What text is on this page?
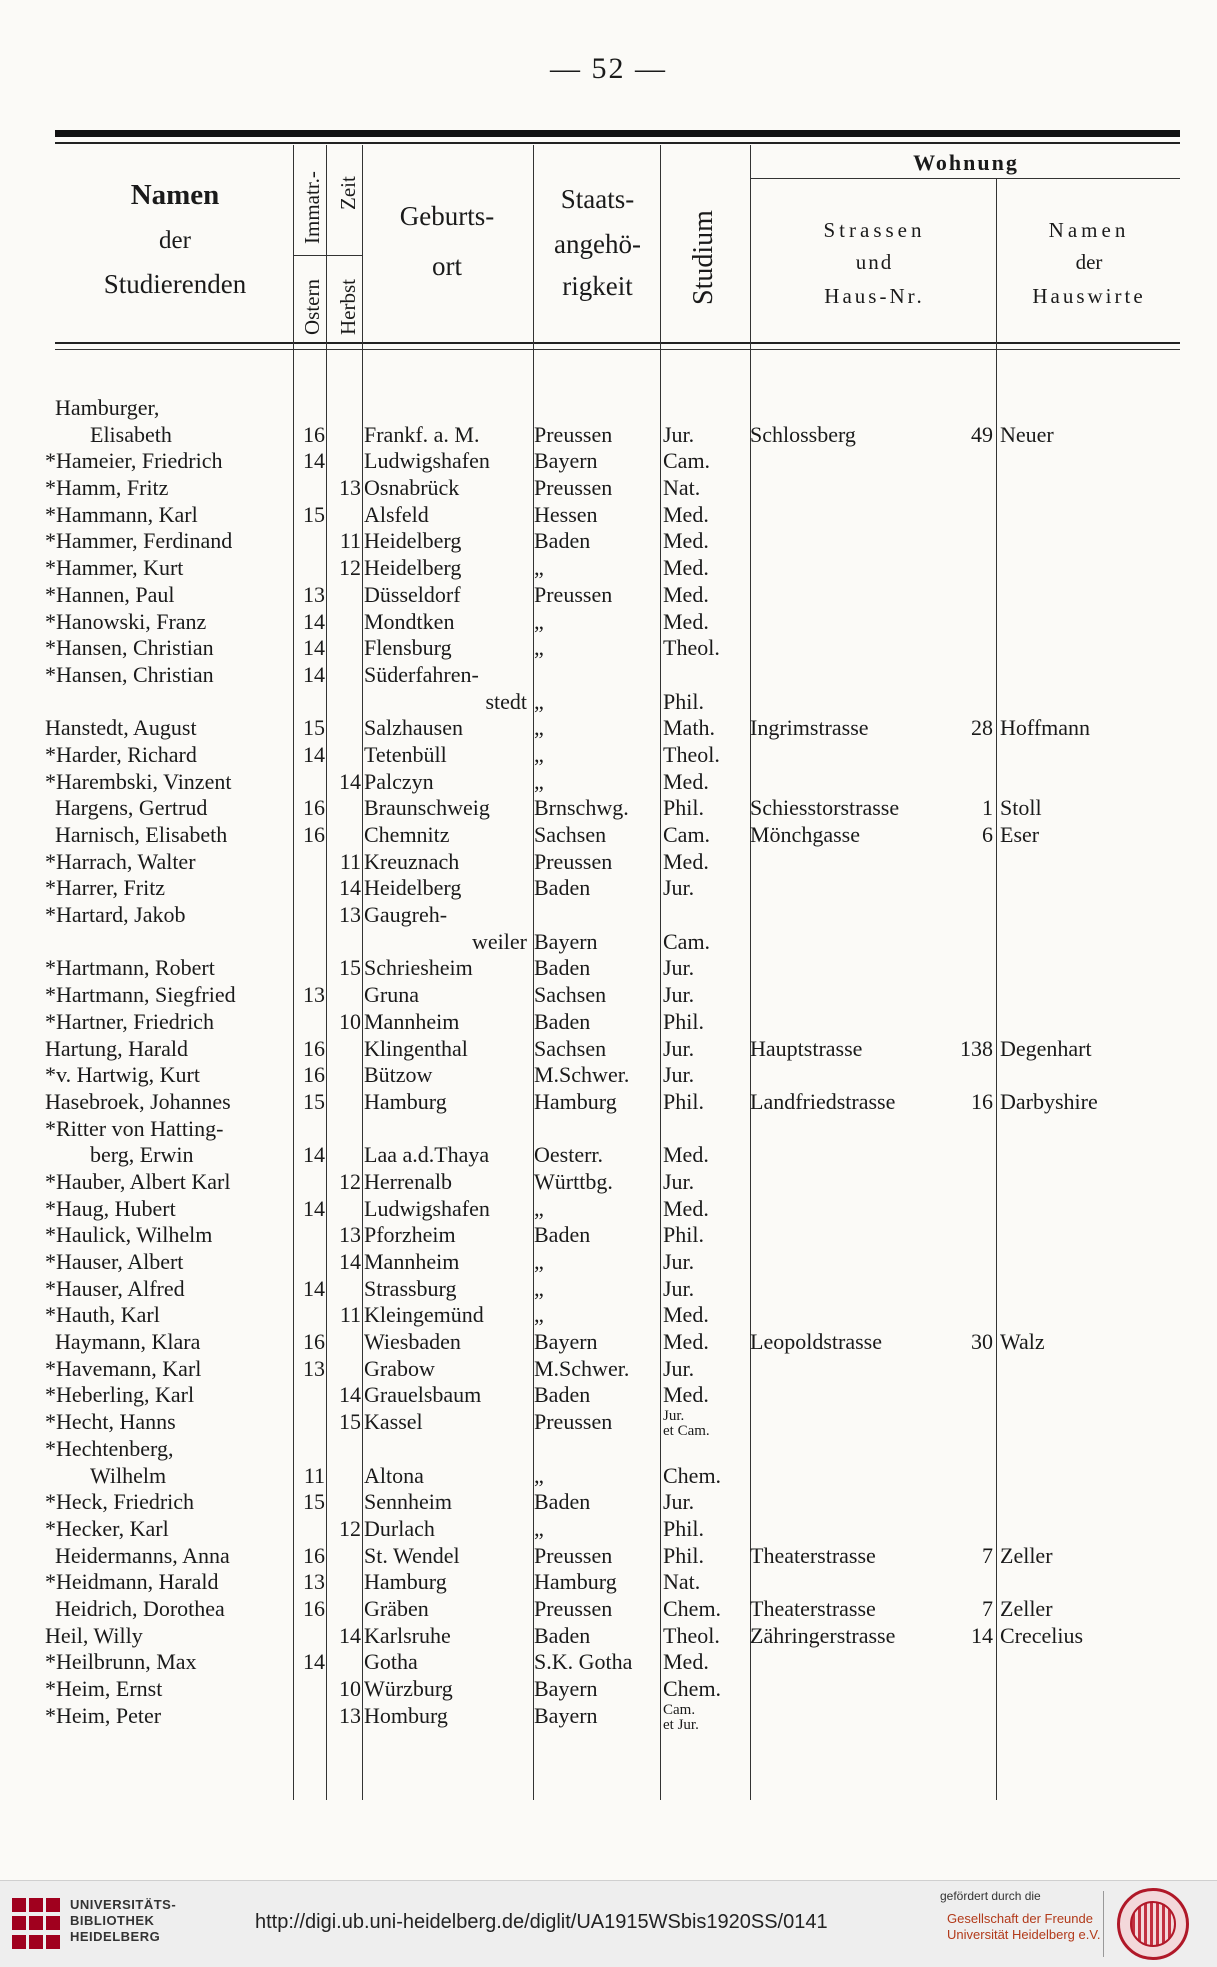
— 52 —
Namen
der
Studierenden
Immatr.- Zeit
Ostern Herbst
Geburts-
ort
Staats-
angehö-
rigkeit	Studium
Wohnung
Strassen
und
Haus-Nr.
Namen
der
Hauswirte
Hamburger,
Elisabeth	16 Frankf. a. M.	Preussen	Jur.	Schlossberg	49 Neuer
*Hameier, Friedrich	14 Ludwigshafen	Bayern	Cam.
*Hamm, Fritz	13 Osnabrück	Preussen	Nat.
*Hammann, Karl	15 Alsfeld	Hessen	Med.
*Hammer, Ferdinand	11 Heidelberg	Baden	Med.
*Hammer, Kurt	12 Heidelberg	„	Med.
*Hannen, Paul	13 Düsseldorf	Preussen	Med.
*Hanowski, Franz	14 Mondtken	„	Med.
*Hansen, Christian	14 Flensburg	„	Theol.
*Hansen, Christian	14 Süderfahren-
stedt „	Phil.
Hanstedt, August	15 Salzhausen	„	Math.	Ingrimstrasse	28 Hoffmann
*Harder, Richard	14 Tetenbüll	„	Theol.
*Harembski, Vinzent	14 Palczyn	„	Med.
Hargens, Gertrud	16 Braunschweig	Brnschwg.	Phil.	Schiesstorstrasse	1 Stoll
Harnisch, Elisabeth	16 Chemnitz	Sachsen	Cam.	Mönchgasse	6 Eser
*Harrach, Walter	11 Kreuznach	Preussen	Med.
*Harrer, Fritz	14 Heidelberg	Baden	Jur.
*Hartard, Jakob	13 Gaugreh-
weiler Bayern	Cam.
*Hartmann, Robert	15 Schriesheim	Baden	Jur.
*Hartmann, Siegfried	13 Gruna	Sachsen	Jur.
*Hartner, Friedrich	10 Mannheim	Baden	Phil.
Hartung, Harald	16 Klingenthal	Sachsen	Jur.	Hauptstrasse	138 Degenhart
*v. Hartwig, Kurt	16 Bützow	M.Schwer.	Jur.
Hasebroek, Johannes	15 Hamburg	Hamburg	Phil.	Landfriedstrasse	16 Darbyshire
*Ritter von Hatting-
berg, Erwin	14 Laa a.d.Thaya	Oesterr.	Med.
*Hauber, Albert Karl	12 Herrenalb	Württbg.	Jur.
*Haug, Hubert	14 Ludwigshafen	„	Med.
*Haulick, Wilhelm	13 Pforzheim	Baden	Phil.
*Hauser, Albert	14 Mannheim	„	Jur.
*Hauser, Alfred	14 Strassburg	„	Jur.
*Hauth, Karl	11 Kleingemünd	„	Med.
Haymann, Klara	16 Wiesbaden	Bayern	Med.	Leopoldstrasse	30 Walz
*Havemann, Karl	13 Grabow	M.Schwer.	Jur.
*Heberling, Karl	14 Grauelsbaum	Baden	Med.
*Hecht, Hanns	15 Kassel	Preussen	Jur.
et Cam.
*Hechtenberg,
Wilhelm	11 Altona	„	Chem.
*Heck, Friedrich	15 Sennheim	Baden	Jur.
*Hecker, Karl	12 Durlach	„	Phil.
Heidermanns, Anna	16 St. Wendel	Preussen	Phil.	Theaterstrasse	7 Zeller
*Heidmann, Harald	13 Hamburg	Hamburg	Nat.
Heidrich, Dorothea	16 Gräben	Preussen	Chem.	Theaterstrasse	7 Zeller
Heil, Willy	14 Karlsruhe	Baden	Theol.	Zähringerstrasse	14 Crecelius
*Heilbrunn, Max	14 Gotha	S.K. Gotha	Med.
*Heim, Ernst	10 Würzburg	Bayern	Chem.
*Heim, Peter	13 Homburg	Bayern	Cam.
et Jur.
UNIVERSITÄTS-
BIBLIOTHEK
HEIDELBERG
http://digi.ub.uni-heidelberg.de/diglit/UA1915WSbis1920SS/0141
gefördert durch die
Gesellschaft der Freunde
Universität Heidelberg e.V.
